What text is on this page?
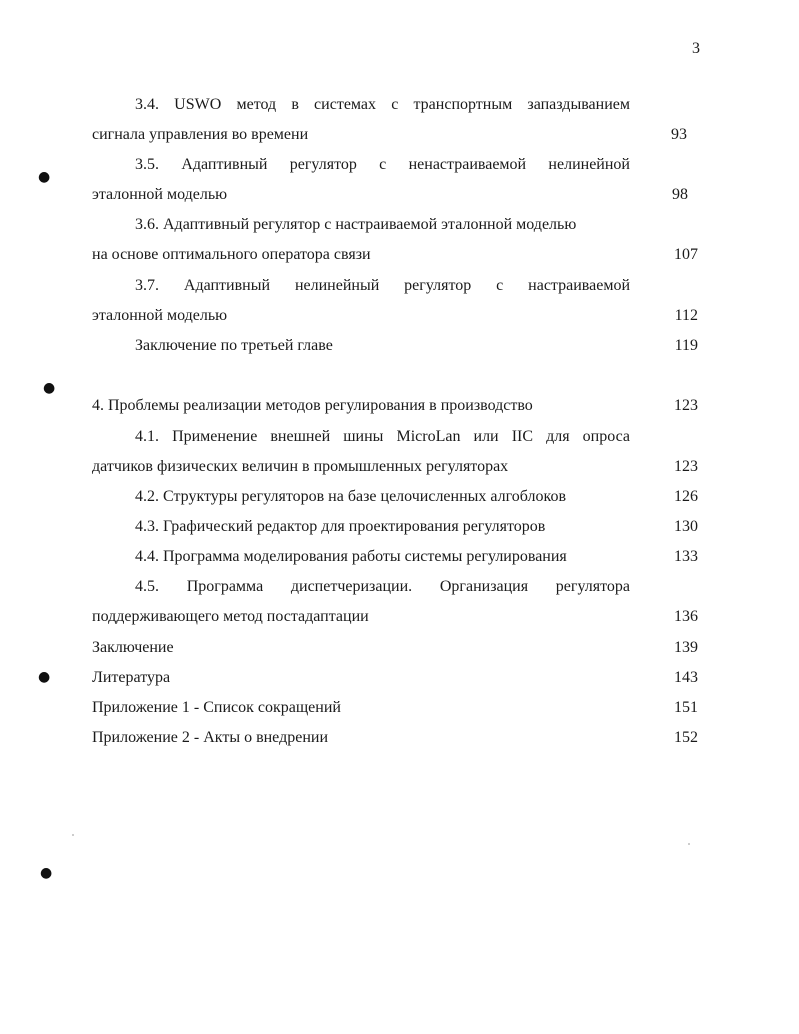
3
3.4. USWO метод в системах с транспортным запаздыванием
сигнала управления во времени	93
3.5. Адаптивный регулятор с ненастраиваемой нелинейной
эталонной моделью	98
3.6. Адаптивный регулятор с настраиваемой эталонной моделью
на основе оптимального оператора связи	107
3.7. Адаптивный нелинейный регулятор с настраиваемой
эталонной моделью	112
Заключение по третьей главе	119
4. Проблемы реализации методов регулирования в производство	123
4.1. Применение внешней шины MicroLan или IIC для опроса
датчиков физических величин в промышленных регуляторах	123
4.2. Структуры регуляторов на базе целочисленных алгоблоков	126
4.3. Графический редактор для проектирования регуляторов	130
4.4. Программа моделирования работы системы регулирования	133
4.5. Программа диспетчеризации. Организация регулятора
поддерживающего метод постадаптации	136
Заключение	139
Литература	143
Приложение 1 - Список сокращений	151
Приложение 2 - Акты о внедрении	152
●
●
●
●
